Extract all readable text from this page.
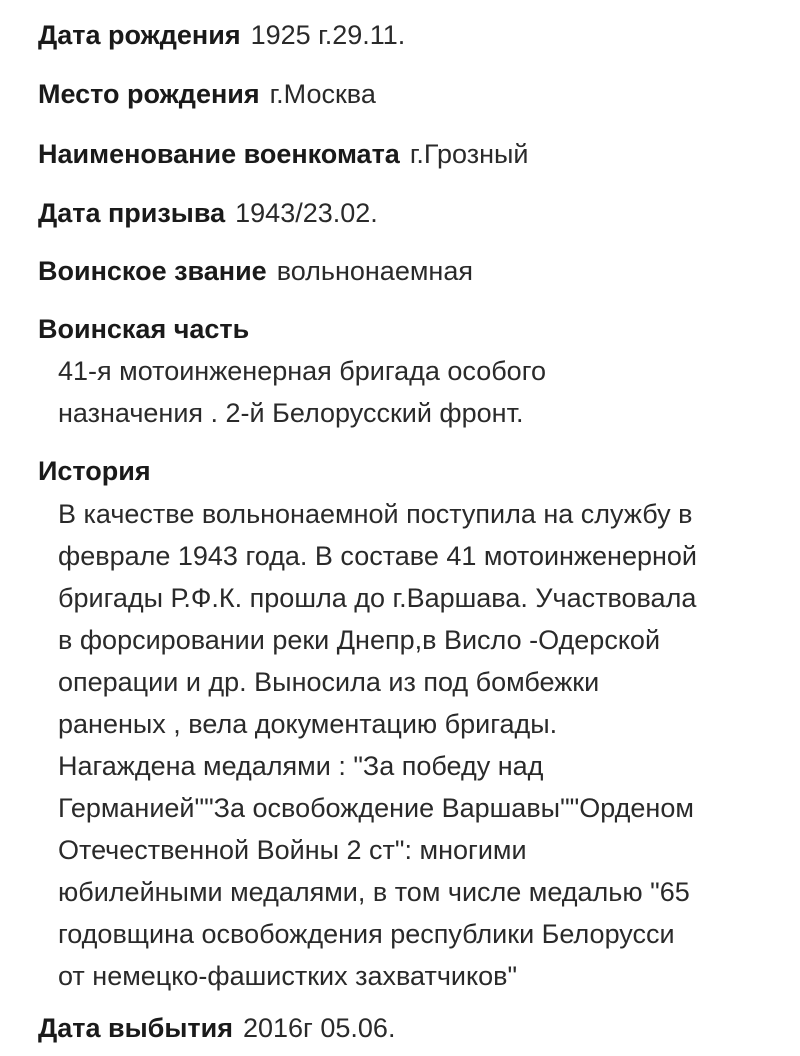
Дата рождения 1925 г.29.11.
Место рождения г.Москва
Наименование военкомата г.Грозный
Дата призыва 1943/23.02.
Воинское звание вольнонаемная
Воинская часть
41-я мотоинженерная бригада особого
назначения . 2-й Белорусский фронт.
История
В качестве вольнонаемной поступила на службу в
феврале 1943 года. В составе 41 мотоинженерной
бригады Р.Ф.К. прошла до г.Варшава. Участвовала
в форсировании реки Днепр,в Висло -Одерской
операции и др. Выносила из под бомбежки
раненых , вела документацию бригады.
Нагаждена медалями : "За победу над
Германией""За освобождение Варшавы""Орденом
Отечественной Войны 2 ст": многими
юбилейными медалями, в том числе медалью "65
годовщина освобождения республики Белорусси
от немецко-фашистких захватчиков"
Дата выбытия 2016г 05.06.
